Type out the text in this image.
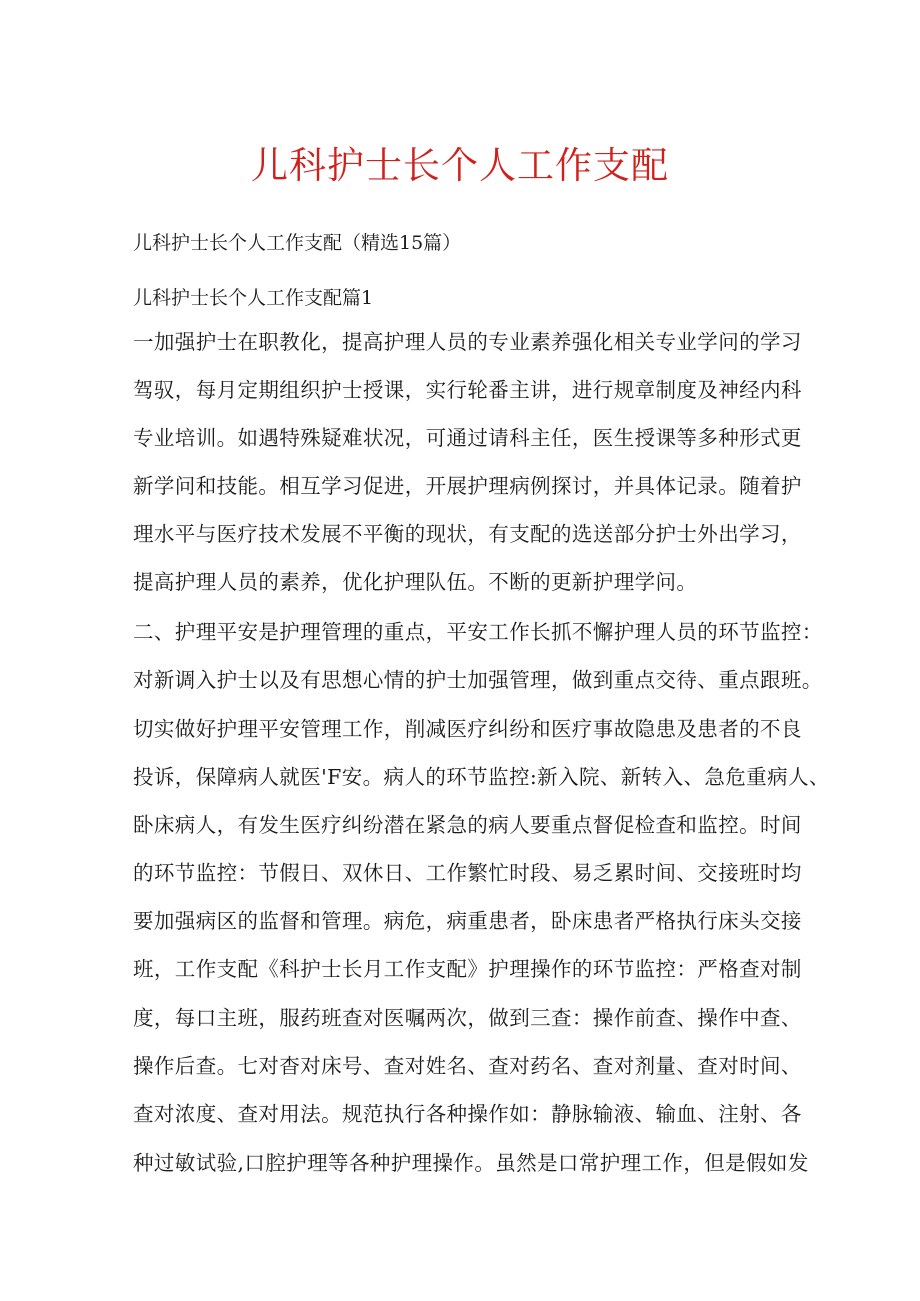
儿科护士长个人工作支配
儿科护士长个人工作支配（精选15篇）
儿科护士长个人工作支配篇1
一加强护士在职教化，提高护理人员的专业素养强化相关专业学问的学习
驾驭，每月定期组织护士授课，实行轮番主讲，进行规章制度及神经内科
专业培训。如遇特殊疑难状况，可通过请科主任，医生授课等多种形式更
新学问和技能。相互学习促进，开展护理病例探讨，并具体记录。随着护
理水平与医疗技术发展不平衡的现状，有支配的选送部分护士外出学习，
提高护理人员的素养，优化护理队伍。不断的更新护理学问。
二、护理平安是护理管理的重点，平安工作长抓不懈护理人员的环节监控：
对新调入护士以及有思想心情的护士加强管理，做到重点交待、重点跟班。
切实做好护理平安管理工作，削减医疗纠纷和医疗事故隐患及患者的不良
投诉，保障病人就医'F安。病人的环节监控:新入院、新转入、急危重病人、
卧床病人，有发生医疗纠纷潜在紧急的病人要重点督促检查和监控。时间
的环节监控：节假日、双休日、工作繁忙时段、易乏累时间、交接班时均
要加强病区的监督和管理。病危，病重患者，卧床患者严格执行床头交接
班，工作支配《科护士长月工作支配》护理操作的环节监控：严格查对制
度，每口主班，服药班查对医嘱两次，做到三查：操作前查、操作中查、
操作后查。七对杳对床号、查对姓名、查对药名、查对剂量、查对时间、
查对浓度、查对用法。规范执行各种操作如：静脉输液、输血、注射、各
种过敏试验,口腔护理等各种护理操作。虽然是口常护理工作，但是假如发
